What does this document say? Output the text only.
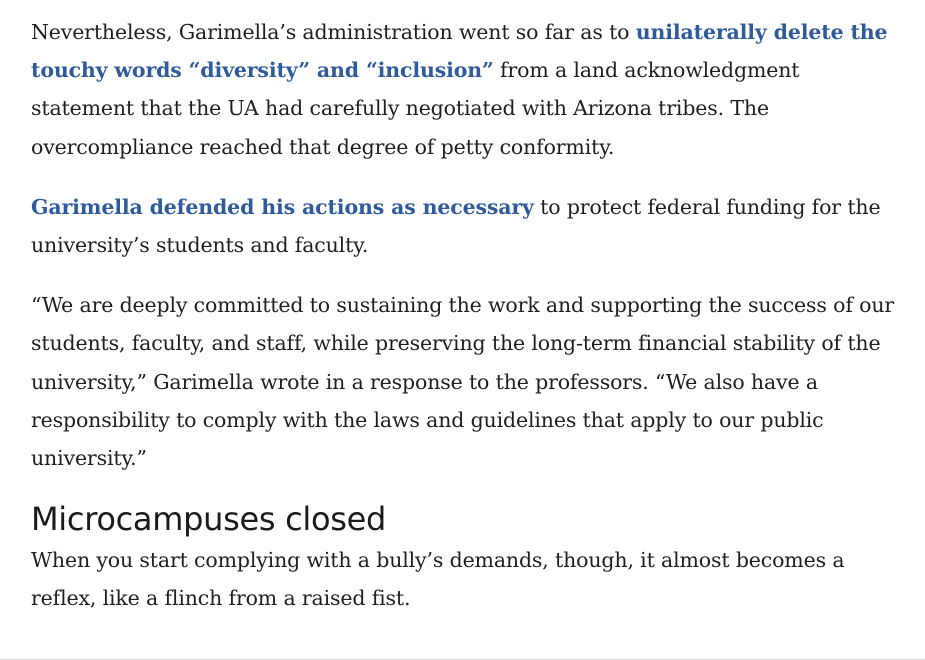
Nevertheless, Garimella’s administration went so far as to unilaterally delete the touchy words “diversity” and “inclusion” from a land acknowledgment statement that the UA had carefully negotiated with Arizona tribes. The overcompliance reached that degree of petty conformity.

Garimella defended his actions as necessary to protect federal funding for the university’s students and faculty.

“We are deeply committed to sustaining the work and supporting the success of our students, faculty, and staff, while preserving the long-term financial stability of the university,” Garimella wrote in a response to the professors. “We also have a responsibility to comply with the laws and guidelines that apply to our public university.”

Microcampuses closed

When you start complying with a bully’s demands, though, it almost becomes a reflex, like a flinch from a raised fist.
